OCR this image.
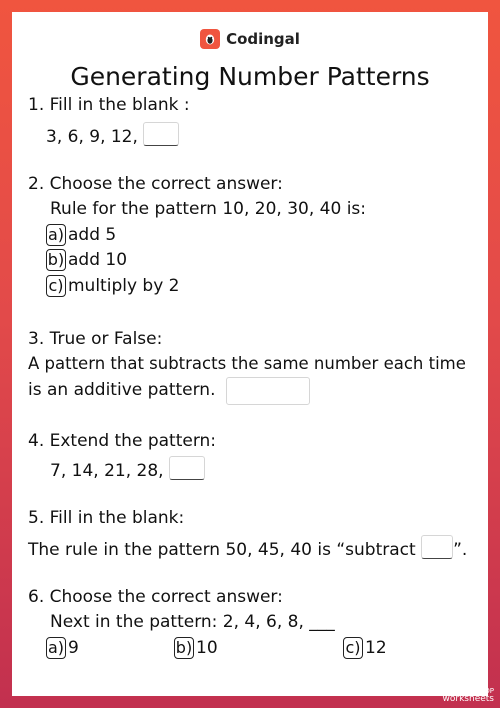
Codingal
Generating Number Patterns
1. Fill in the blank :
3, 6, 9, 12,
2. Choose the correct answer:
Rule for the pattern 10, 20, 30, 40 is:
a) add 5
b) add 10
c) multiply by 2
3. True or False:
A pattern that subtracts the same number each time
is an additive pattern.
4. Extend the pattern:
7, 14, 21, 28,
5. Fill in the blank:
The rule in the pattern 50, 45, 40 is “subtract ”.
6. Choose the correct answer:
Next in the pattern: 2, 4, 6, 8, ___
a) 9	b) 10	c) 12
TOP
worksheets
